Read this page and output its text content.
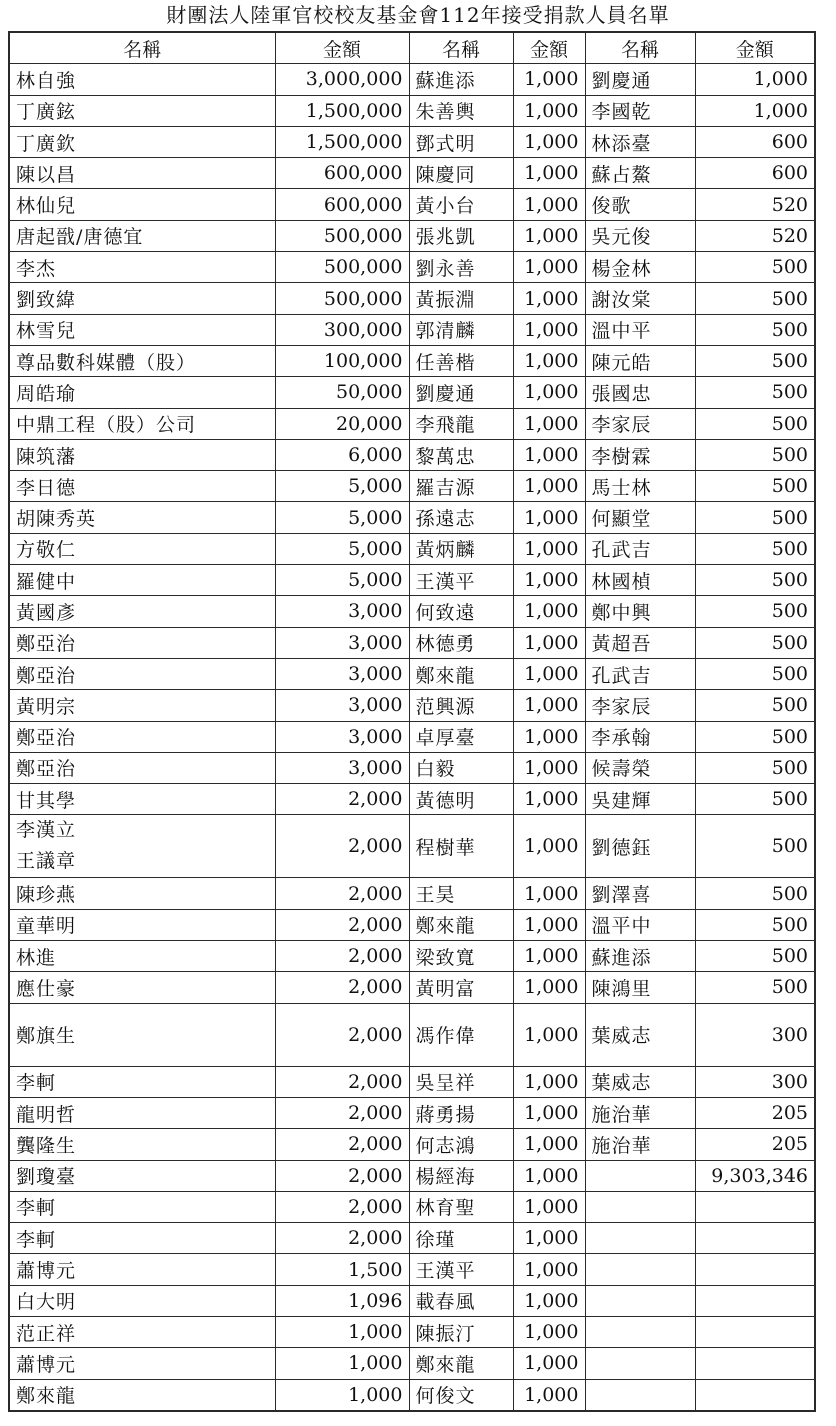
財團法人陸軍官校校友基金會112年接受捐款人員名單
名稱	金額	名稱	金額	名稱	金額
林自強	3,000,000	蘇進添	1,000	劉慶通	1,000
丁廣鉉	1,500,000	朱善輿	1,000	李國乾	1,000
丁廣欽	1,500,000	鄧式明	1,000	林添臺	600
陳以昌	600,000	陳慶同	1,000	蘇占鰲	600
林仙兒	600,000	黃小台	1,000	俊歌	520
唐起戩/唐德宜	500,000	張兆凱	1,000	吳元俊	520
李杰	500,000	劉永善	1,000	楊金林	500
劉致緯	500,000	黃振淵	1,000	謝汝棠	500
林雪兒	300,000	郭清麟	1,000	溫中平	500
尊品數科媒體（股）	100,000	任善楷	1,000	陳元皓	500
周皓瑜	50,000	劉慶通	1,000	張國忠	500
中鼎工程（股）公司	20,000	李飛龍	1,000	李家辰	500
陳筑藩	6,000	黎萬忠	1,000	李樹霖	500
李日德	5,000	羅吉源	1,000	馬士林	500
胡陳秀英	5,000	孫遠志	1,000	何顯堂	500
方敬仁	5,000	黃炳麟	1,000	孔武吉	500
羅健中	5,000	王漢平	1,000	林國楨	500
黃國彥	3,000	何致遠	1,000	鄭中興	500
鄭亞治	3,000	林德勇	1,000	黃超吾	500
鄭亞治	3,000	鄭來龍	1,000	孔武吉	500
黃明宗	3,000	范興源	1,000	李家辰	500
鄭亞治	3,000	卓厚臺	1,000	李承翰	500
鄭亞治	3,000	白毅	1,000	候壽榮	500
甘其學	2,000	黃德明	1,000	吳建輝	500

李漢立
王議章	2,000	程樹華	1,000	劉德鈺	500
陳珍燕	2,000	王昊	1,000	劉澤喜	500
童華明	2,000	鄭來龍	1,000	溫平中	500
林進	2,000	梁致寬	1,000	蘇進添	500
應仕豪	2,000	黃明富	1,000	陳鴻里	500
鄭旗生	2,000	馮作偉	1,000	葉威志	300
李軻	2,000	吳呈祥	1,000	葉威志	300
龍明哲	2,000	蔣勇揚	1,000	施治華	205
龔隆生	2,000	何志鴻	1,000	施治華	205
劉瓊臺	2,000	楊經海	1,000		9,303,346
李軻	2,000	林育聖	1,000		
李軻	2,000	徐瑾	1,000		
蕭博元	1,500	王漢平	1,000		
白大明	1,096	載春風	1,000		
范正祥	1,000	陳振汀	1,000		
蕭博元	1,000	鄭來龍	1,000		
鄭來龍	1,000	何俊文	1,000		
